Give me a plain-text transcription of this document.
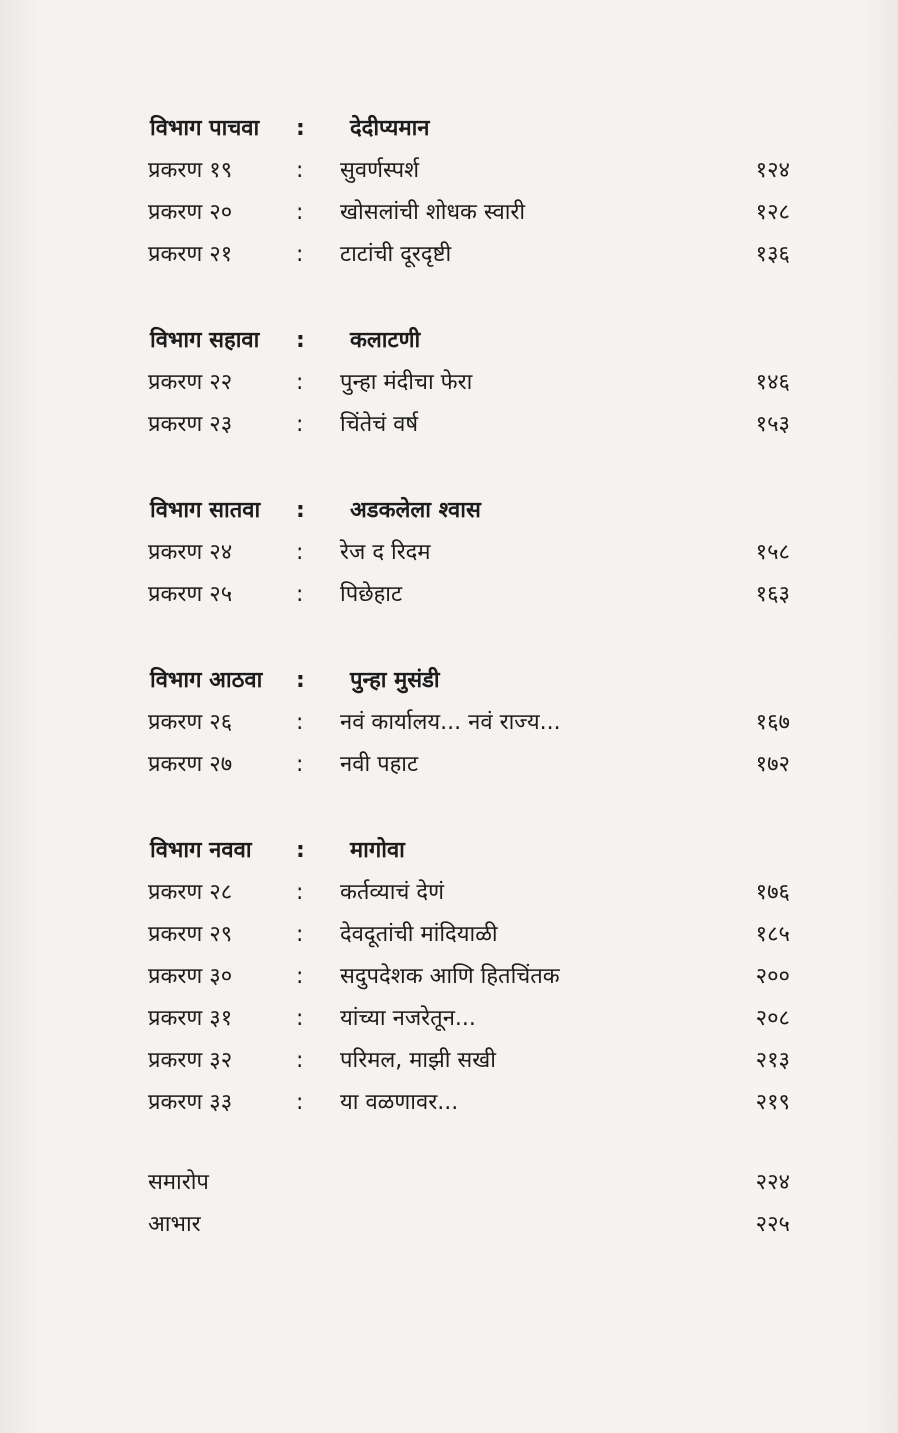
विभाग पाचवा : देदीप्यमान
प्रकरण १९	: सुवर्णस्पर्श	१२४
प्रकरण २०	: खोसलांची शोधक स्वारी	१२८
प्रकरण २१	: टाटांची दूरदृष्टी	१३६
विभाग सहावा : कलाटणी
प्रकरण २२	: पुन्हा मंदीचा फेरा	१४६
प्रकरण २३	: चिंतेचं वर्ष	१५३
विभाग सातवा : अडकलेला श्‍वास
प्रकरण २४	: रेज द रिदम	१५८
प्रकरण २५	: पिछेहाट	१६३
विभाग आठवा : पुन्हा मुसंडी
प्रकरण २६	: नवं कार्यालय... नवं राज्य...	१६७
प्रकरण २७	: नवी पहाट	१७२
विभाग नववा : मागोवा
प्रकरण २८	: कर्तव्याचं देणं	१७६
प्रकरण २९	: देवदूतांची मांदियाळी	१८५
प्रकरण ३०	: सदुपदेशक आणि हितचिंतक	२००
प्रकरण ३१	: यांच्या नजरेतून...	२०८
प्रकरण ३२	: परिमल, माझी सखी	२१३
प्रकरण ३३	: या वळणावर...	२१९
समारोप	२२४
आभार	२२५
